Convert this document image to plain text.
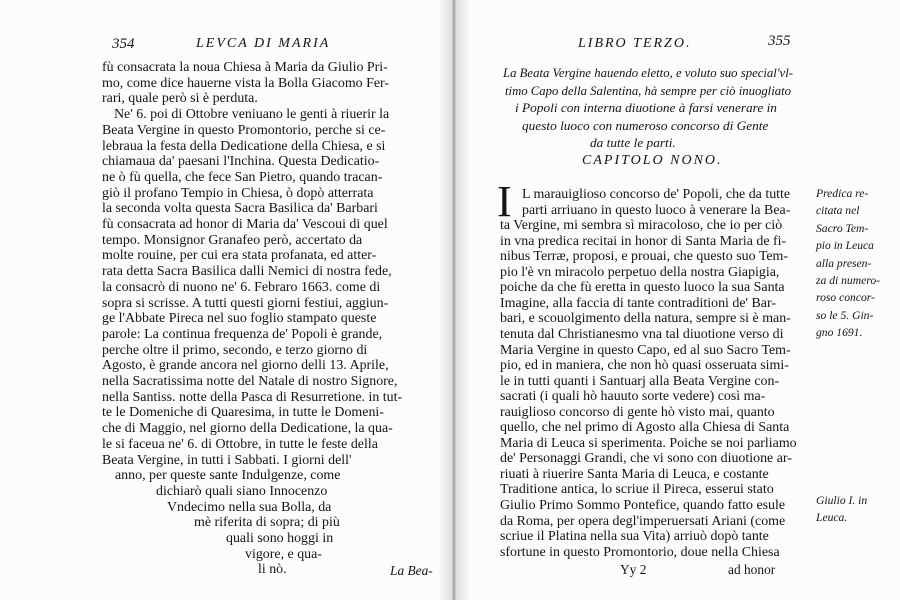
354	LEVCA DI MARIA
fù consacrata la noua Chiesa à Maria da Giulio Pri-
mo, come dice hauerne vista la Bolla Giacomo Fer-
rari, quale però si è perduta.
Ne' 6. poi di Ottobre veniuano le genti à riuerir la
Beata Vergine in questo Promontorio, perche si ce-
lebraua la festa della Dedicatione della Chiesa, e si
chiamaua da' paesani l'Inchina. Questa Dedicatio-
ne ò fù quella, che fece San Pietro, quando tracan-
giò il profano Tempio in Chiesa, ò dopò atterrata
la seconda volta questa Sacra Basilica da' Barbari
fù consacrata ad honor di Maria da' Vescoui di quel
tempo. Monsignor Granafeo però, accertato da
molte rouine, per cui era stata profanata, ed atter-
rata detta Sacra Basilica dalli Nemici di nostra fede,
la consacrò di nuono ne' 6. Febraro 1663. come di
sopra si scrisse. A tutti questi giorni festiui, aggiun-
ge l'Abbate Pireca nel suo foglio stampato queste
parole: La continua frequenza de' Popoli è grande,
perche oltre il primo, secondo, e terzo giorno di
Agosto, è grande ancora nel giorno delli 13. Aprile,
nella Sacratissima notte del Natale di nostro Signore,
nella Santiss. notte della Pasca di Resurretione. in tut-
te le Domeniche di Quaresima, in tutte le Domeni-
che di Maggio, nel giorno della Dedicatione, la qua-
le si faceua ne' 6. di Ottobre, in tutte le feste della
Beata Vergine, in tutti i Sabbati. I giorni dell'
anno, per queste sante Indulgenze, come
dichiarò quali siano Innocenzo
Vndecimo nella sua Bolla, da
mè riferita di sopra; di più
quali sono hoggi in
vigore, e qua-
li nò.	La Bea-
LIBRO TERZO.	355
La Beata Vergine hauendo eletto, e voluto suo special'vl-
timo Capo della Salentina, hà sempre per ciò inuogliato
i Popoli con interna diuotione à farsi venerare in
questo luoco con numeroso concorso di Gente
da tutte le parti.
CAPITOLO NONO.
I L marauiglioso concorso de' Popoli, che da tutte
parti arriuano in questo luoco à venerare la Bea-
ta Vergine, mi sembra sì miracoloso, che io per ciò
in vna predica recitai in honor di Santa Maria de fi-
nibus Terræ, proposi, e prouai, che questo suo Tem-
pio l'è vn miracolo perpetuo della nostra Giapigia,
poiche da che fù eretta in questo luoco la sua Santa
Imagine, alla faccia di tante contraditioni de' Bar-
bari, e scouolgimento della natura, sempre si è man-
tenuta dal Christianesmo vna tal diuotione verso di
Maria Vergine in questo Capo, ed al suo Sacro Tem-
pio, ed in maniera, che non hò quasi osseruata simi-
le in tutti quanti i Santuarj alla Beata Vergine con-
sacrati (i quali hò hauuto sorte vedere) così ma-
rauiglioso concorso di gente hò visto mai, quanto
quello, che nel primo di Agosto alla Chiesa di Santa
Maria di Leuca si sperimenta. Poiche se noi parliamo
de' Personaggi Grandi, che vi sono con diuotione ar-
riuati à riuerire Santa Maria di Leuca, e costante
Traditione antica, lo scriue il Pireca, esserui stato
Giulio Primo Sommo Pontefice, quando fatto esule
da Roma, per opera degl'imperuersati Ariani (come
scriue il Platina nella sua Vita) arriuò dopò tante
sfortune in questo Promontorio, doue nella Chiesa
Predica re-
citata nel
Sacro Tem-
pio in Leuca
alla presen-
za di numero-
roso concor-
so le 5. Gin-
gno 1691.
Giulio I. in
Leuca.
Yy 2	ad honor
